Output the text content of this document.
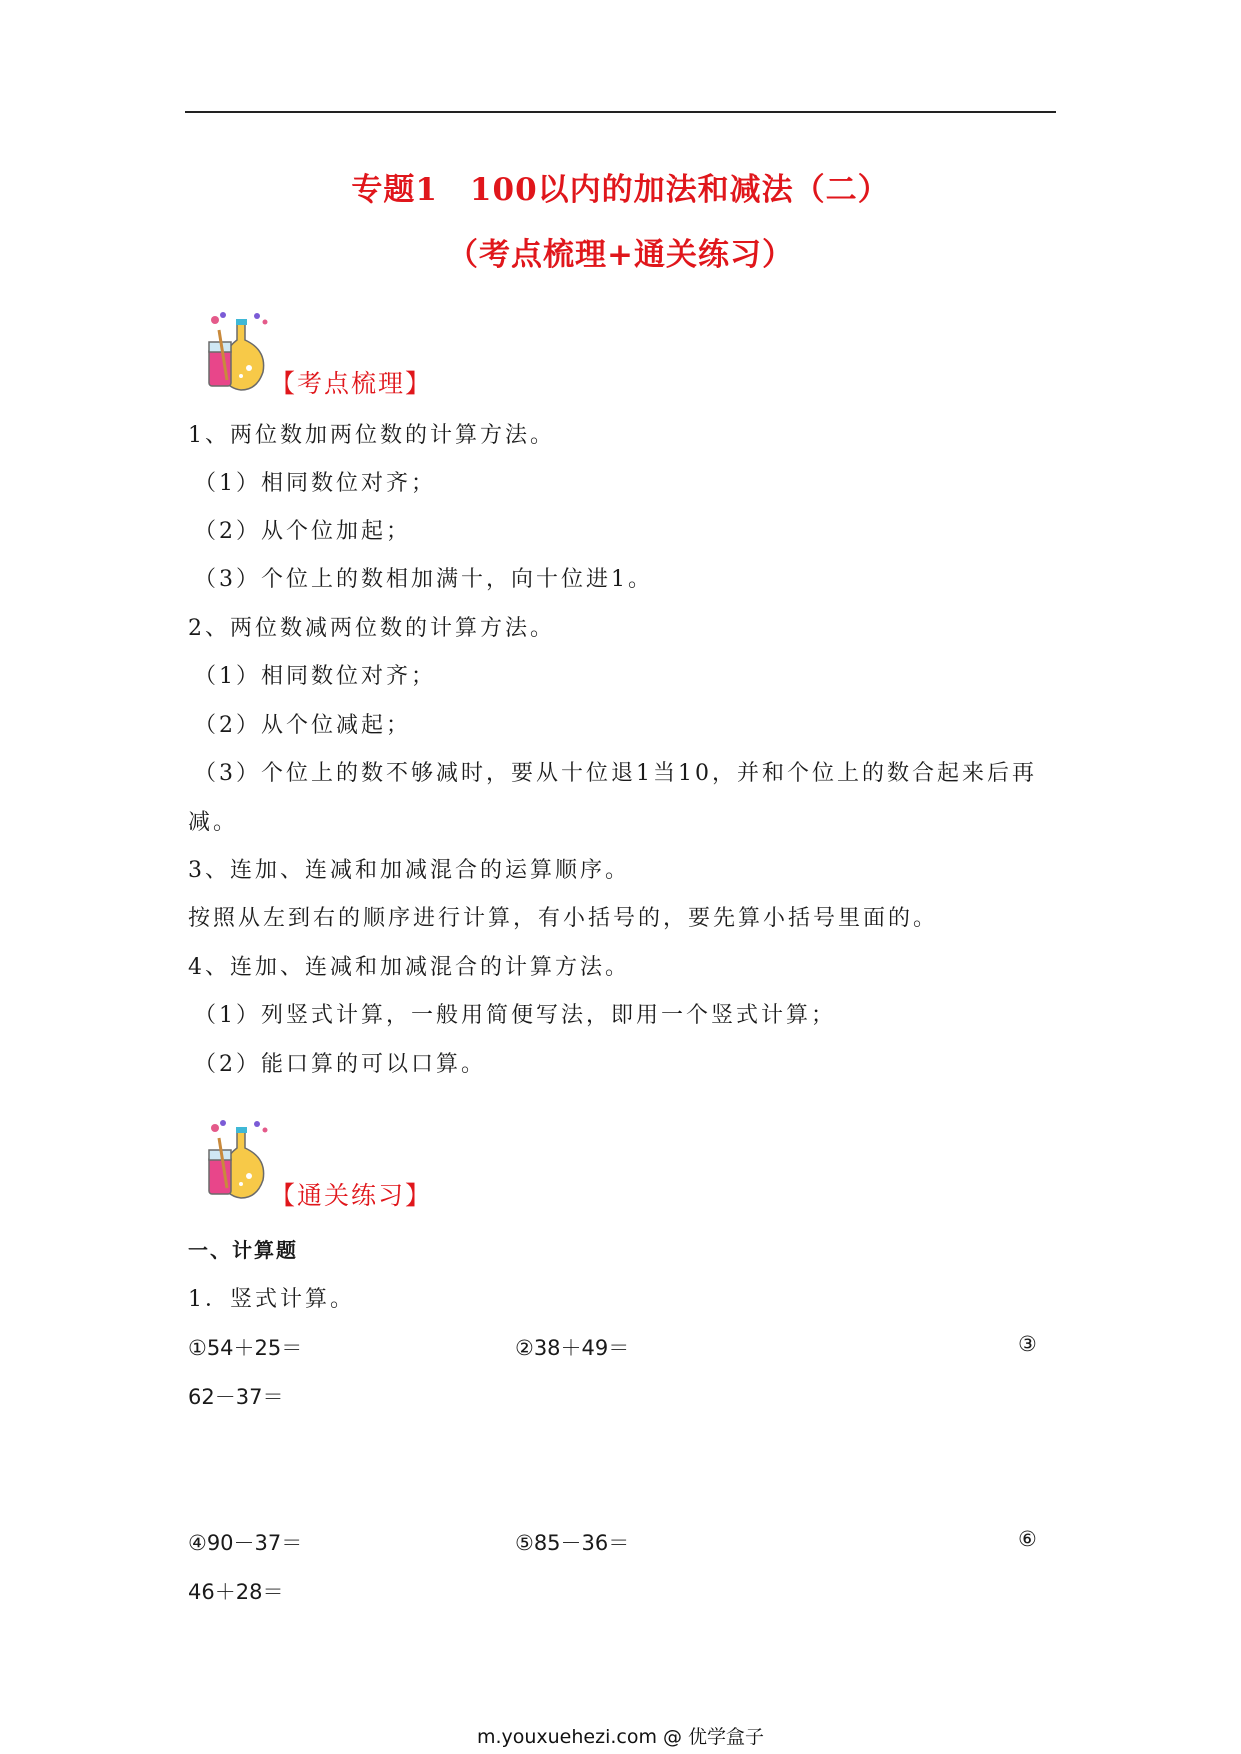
专题1　100以内的加法和减法（二）
（考点梳理+通关练习）
【考点梳理】
1、两位数加两位数的计算方法。
（1）相同数位对齐；
（2）从个位加起；
（3）个位上的数相加满十，向十位进1。
2、两位数减两位数的计算方法。
（1）相同数位对齐；
（2）从个位减起；
（3）个位上的数不够减时，要从十位退1当10，并和个位上的数合起来后再
减。
3、连加、连减和加减混合的运算顺序。
按照从左到右的顺序进行计算，有小括号的，要先算小括号里面的。
4、连加、连减和加减混合的计算方法。
（1）列竖式计算，一般用简便写法，即用一个竖式计算；
（2）能口算的可以口算。
【通关练习】
一、计算题
1．竖式计算。
①54＋25＝	②38＋49＝	③
62－37＝
④90－37＝	⑤85－36＝	⑥
46＋28＝
m.youxuehezi.com @ 优学盒子
